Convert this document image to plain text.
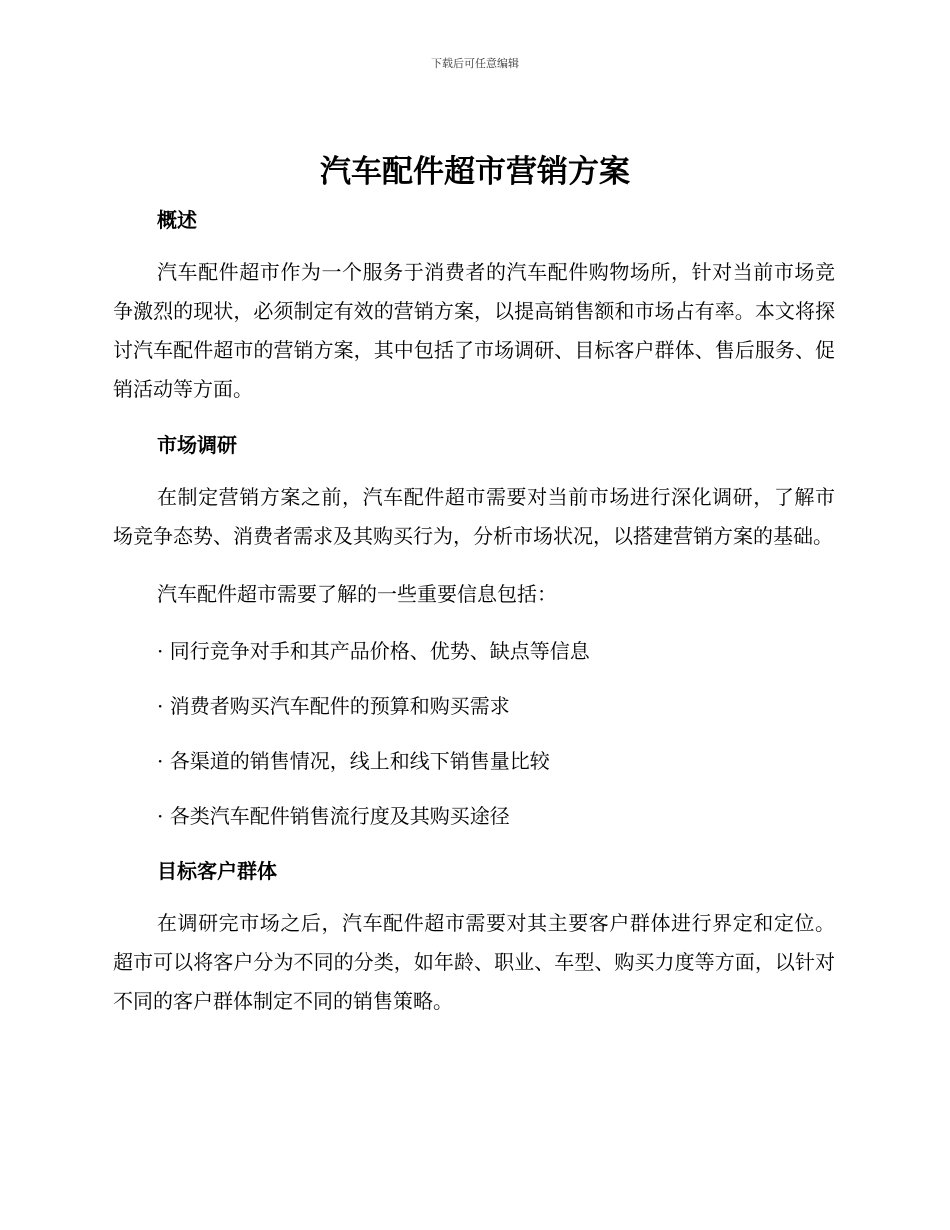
下载后可任意编辑
汽车配件超市营销方案
概述

汽车配件超市作为一个服务于消费者的汽车配件购物场所，针对当前市场竞争激烈的现状，必须制定有效的营销方案，以提高销售额和市场占有率。本文将探讨汽车配件超市的营销方案，其中包括了市场调研、目标客户群体、售后服务、促销活动等方面。

市场调研

在制定营销方案之前，汽车配件超市需要对当前市场进行深化调研，了解市场竞争态势、消费者需求及其购买行为，分析市场状况，以搭建营销方案的基础。

汽车配件超市需要了解的一些重要信息包括：

· 同行竞争对手和其产品价格、优势、缺点等信息
· 消费者购买汽车配件的预算和购买需求
· 各渠道的销售情况，线上和线下销售量比较
· 各类汽车配件销售流行度及其购买途径
目标客户群体

在调研完市场之后，汽车配件超市需要对其主要客户群体进行界定和定位。超市可以将客户分为不同的分类，如年龄、职业、车型、购买力度等方面，以针对不同的客户群体制定不同的销售策略。
